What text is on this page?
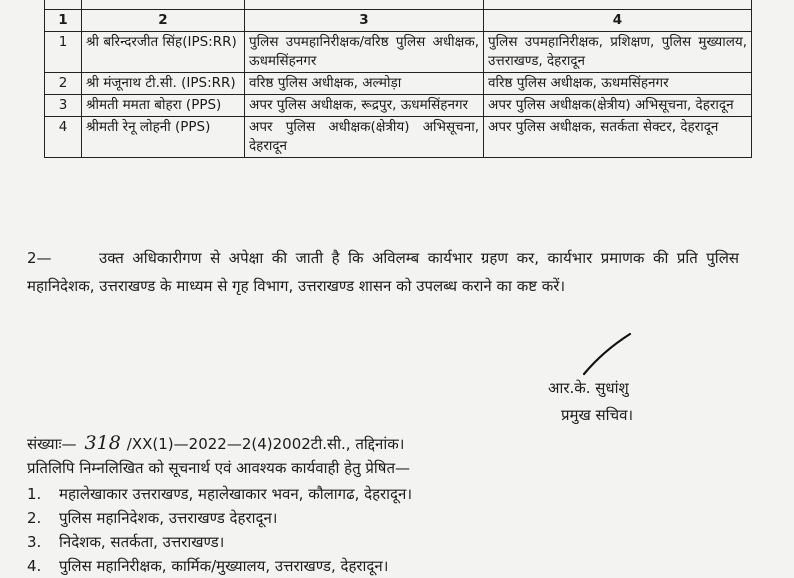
1	2	3	4
1	श्री बरिन्दरजीत सिंह(IPS:RR)	पुलिस उपमहानिरीक्षक/वरिष्ठ पुलिस अधीक्षक, ऊधमसिंहनगर	पुलिस उपमहानिरीक्षक, प्रशिक्षण, पुलिस मुख्यालय, उत्तराखण्ड, देहरादून
2	श्री मंजूनाथ टी.सी. (IPS:RR)	वरिष्ठ पुलिस अधीक्षक, अल्मोड़ा	वरिष्ठ पुलिस अधीक्षक, ऊधमसिंहनगर
3	श्रीमती ममता बोहरा (PPS)	अपर पुलिस अधीक्षक, रूद्रपुर, ऊधमसिंहनगर	अपर पुलिस अधीक्षक(क्षेत्रीय) अभिसूचना, देहरादून
4	श्रीमती रेनू लोहनी (PPS)	अपर पुलिस अधीक्षक(क्षेत्रीय) अभिसूचना, देहरादून	अपर पुलिस अधीक्षक, सतर्कता सेक्टर, देहरादून
2—	उक्त अधिकारीगण से अपेक्षा की जाती है कि अविलम्ब कार्यभार ग्रहण कर, कार्यभार प्रमाणक की प्रति पुलिस महानिदेशक, उत्तराखण्ड के माध्यम से गृह विभाग, उत्तराखण्ड शासन को उपलब्ध कराने का कष्ट करें।
आर.के. सुधांशु
प्रमुख सचिव।
संख्याः— 318 /XX(1)—2022—2(4)2002टी.सी., तद्दिनांक।
प्रतिलिपि निम्नलिखित को सूचनार्थ एवं आवश्यक कार्यवाही हेतु प्रेषित—
1. महालेखाकार उत्तराखण्ड, महालेखाकार भवन, कौलागढ, देहरादून।
2. पुलिस महानिदेशक, उत्तराखण्ड देहरादून।
3. निदेशक, सतर्कता, उत्तराखण्ड।
4. पुलिस महानिरीक्षक, कार्मिक/मुख्यालय, उत्तराखण्ड, देहरादून।
